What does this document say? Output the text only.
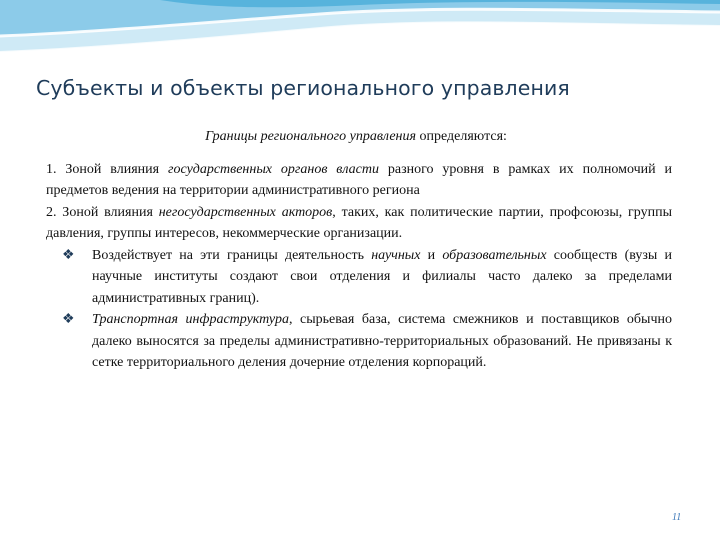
Субъекты и объекты регионального управления
Границы регионального управления определяются:
1. Зоной влияния государственных органов власти разного уровня в рамках их полномочий и предметов ведения на территории административного региона
2. Зоной влияния негосударственных акторов, таких, как политические партии, профсоюзы, группы давления, группы интересов, некоммерческие организации.
❖ Воздействует на эти границы деятельность научных и образовательных сообществ (вузы и научные институты создают свои отделения и филиалы часто далеко за пределами административных границ).
❖ Транспортная инфраструктура, сырьевая база, система смежников и поставщиков обычно далеко выносятся за пределы административно-территориальных образований. Не привязаны к сетке территориального деления дочерние отделения корпораций.
11
